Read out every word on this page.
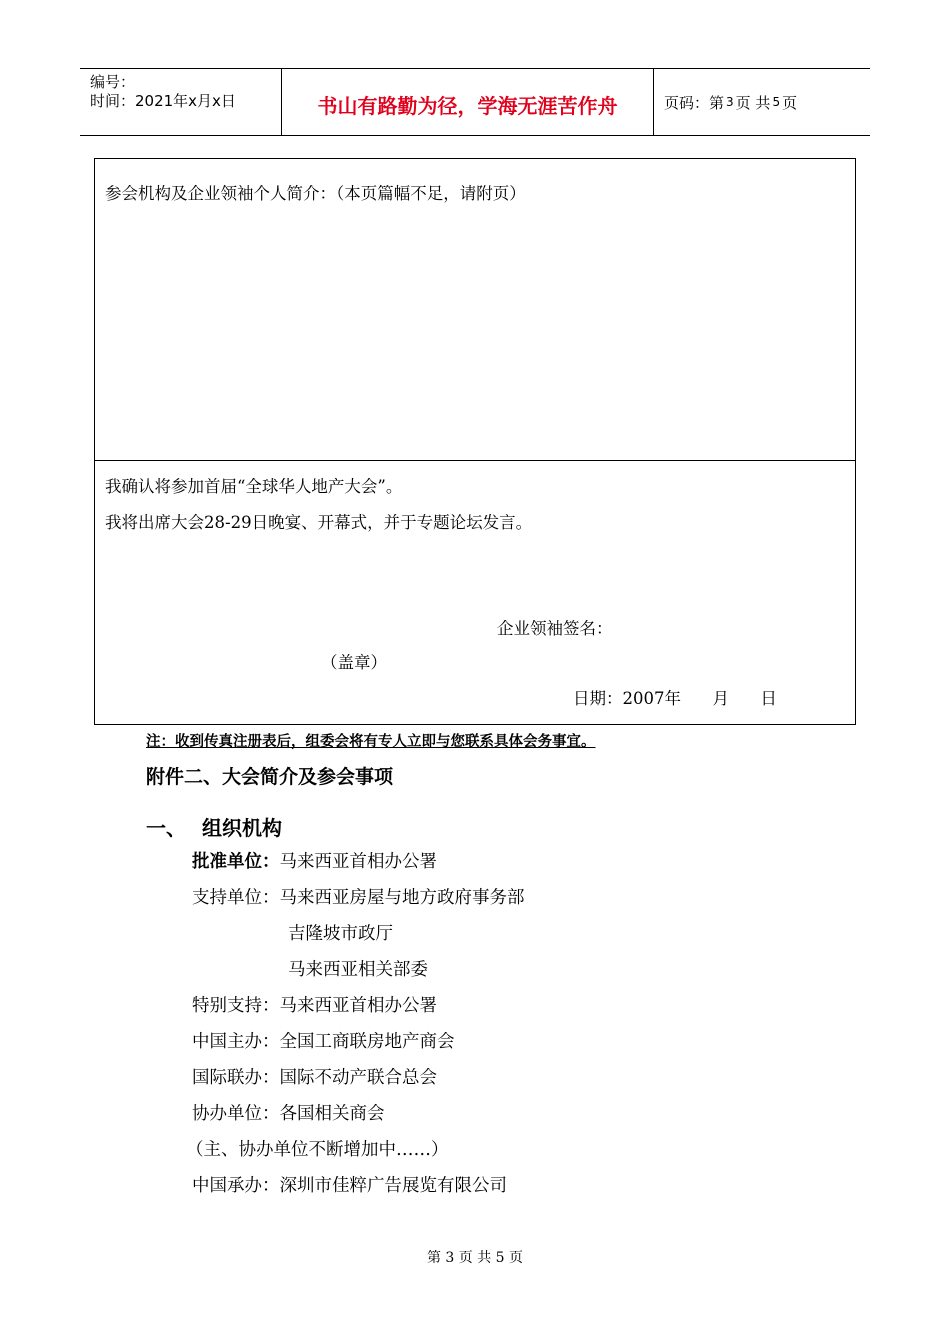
编号：
时间：2021年x月x日	书山有路勤为径，学海无涯苦作舟	页码：第 3 页 共 5 页
参会机构及企业领袖个人简介：（本页篇幅不足，请附页）
我确认将参加首届“全球华人地产大会”。
我将出席大会28-29日晚宴、开幕式，并于专题论坛发言。
企业领袖签名：
（盖章）
日期：2007年      月      日
注：收到传真注册表后，组委会将有专人立即与您联系具体会务事宜。
附件二、大会简介及参会事项
一、 组织机构
批准单位：马来西亚首相办公署
支持单位：马来西亚房屋与地方政府事务部
吉隆坡市政厅
马来西亚相关部委
特别支持：马来西亚首相办公署
中国主办：全国工商联房地产商会
国际联办：国际不动产联合总会
协办单位：各国相关商会
（主、协办单位不断增加中……）
中国承办：深圳市佳粹广告展览有限公司
第 3 页 共 5 页
